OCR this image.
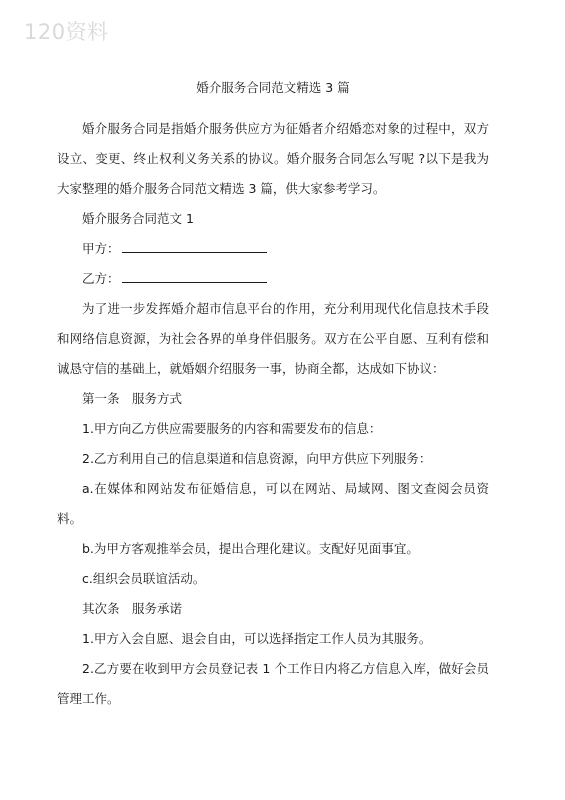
120资料

婚介服务合同范文精选 3 篇

婚介服务合同是指婚介服务供应方为征婚者介绍婚恋对象的过程中，双方设立、变更、终止权利义务关系的协议。婚介服务合同怎么写呢 ?以下是我为大家整理的婚介服务合同范文精选 3 篇，供大家参考学习。

婚介服务合同范文 1

甲方：

乙方：

为了进一步发挥婚介超市信息平台的作用，充分利用现代化信息技术手段和网络信息资源，为社会各界的单身伴侣服务。双方在公平自愿、互利有偿和诚恳守信的基础上，就婚姻介绍服务一事，协商全都，达成如下协议：

第一条　服务方式

1.甲方向乙方供应需要服务的内容和需要发布的信息：

2.乙方利用自己的信息渠道和信息资源，向甲方供应下列服务：

a.在媒体和网站发布征婚信息，可以在网站、局域网、图文查阅会员资料。

b.为甲方客观推举会员，提出合理化建议。支配好见面事宜。

c.组织会员联谊活动。

其次条　服务承诺

1.甲方入会自愿、退会自由，可以选择指定工作人员为其服务。

2.乙方要在收到甲方会员登记表 1 个工作日内将乙方信息入库，做好会员管理工作。
